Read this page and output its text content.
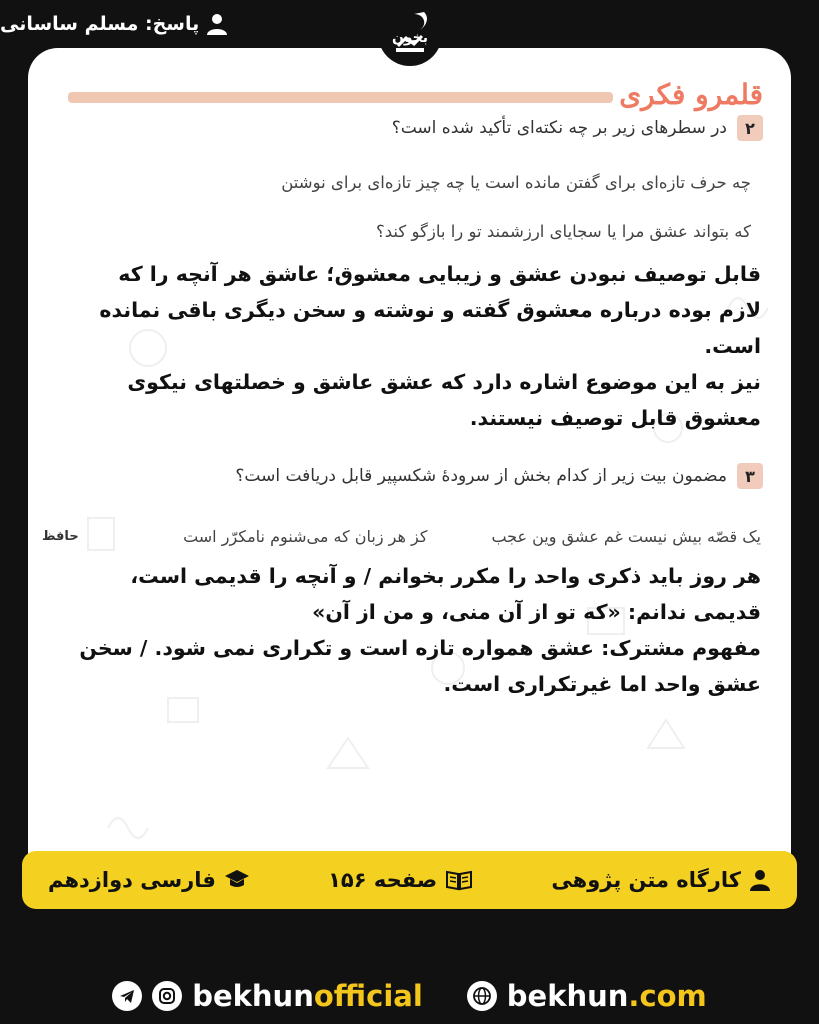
پاسخ: مسلم ساسانی
بخون
قلمرو فکری
۲
در سطرهای زیر بر چه نکته‌ای تأکید شده است؟
چه حرف تازه‌ای برای گفتن مانده است یا چه چیز تازه‌ای برای نوشتن
که بتواند عشق مرا یا سجایای ارزشمند تو را بازگو کند؟

قابل توصیف نبودن عشق و زیبایی معشوق؛ عاشق هر آنچه را که لازم بوده درباره معشوق گفته و نوشته و سخن دیگری باقی نمانده است.

نیز به این موضوع اشاره دارد که عشق عاشق و خصلتهای نیکوی معشوق قابل توصیف نیستند.

۳
مضمون بیت زیر از کدام بخش از سرودهٔ شکسپیر قابل دریافت است؟
یک قصّه بیش نیست غم عشق وین عجب
کز هر زبان که می‌شنوم نامکرّر است
حافظ

هر روز باید ذکری واحد را مکرر بخوانم / و آنچه را قدیمی است، قدیمی ندانم: «که تو از آن منی، و من از آن»

مفهوم مشترک: عشق همواره تازه است و تکراری نمی شود. / سخن عشق واحد اما غیرتکراری است.

کارگاه متن پژوهی
صفحه ۱۵۶
فارسی دوازدهم
bekhunofficial	bekhun.com
